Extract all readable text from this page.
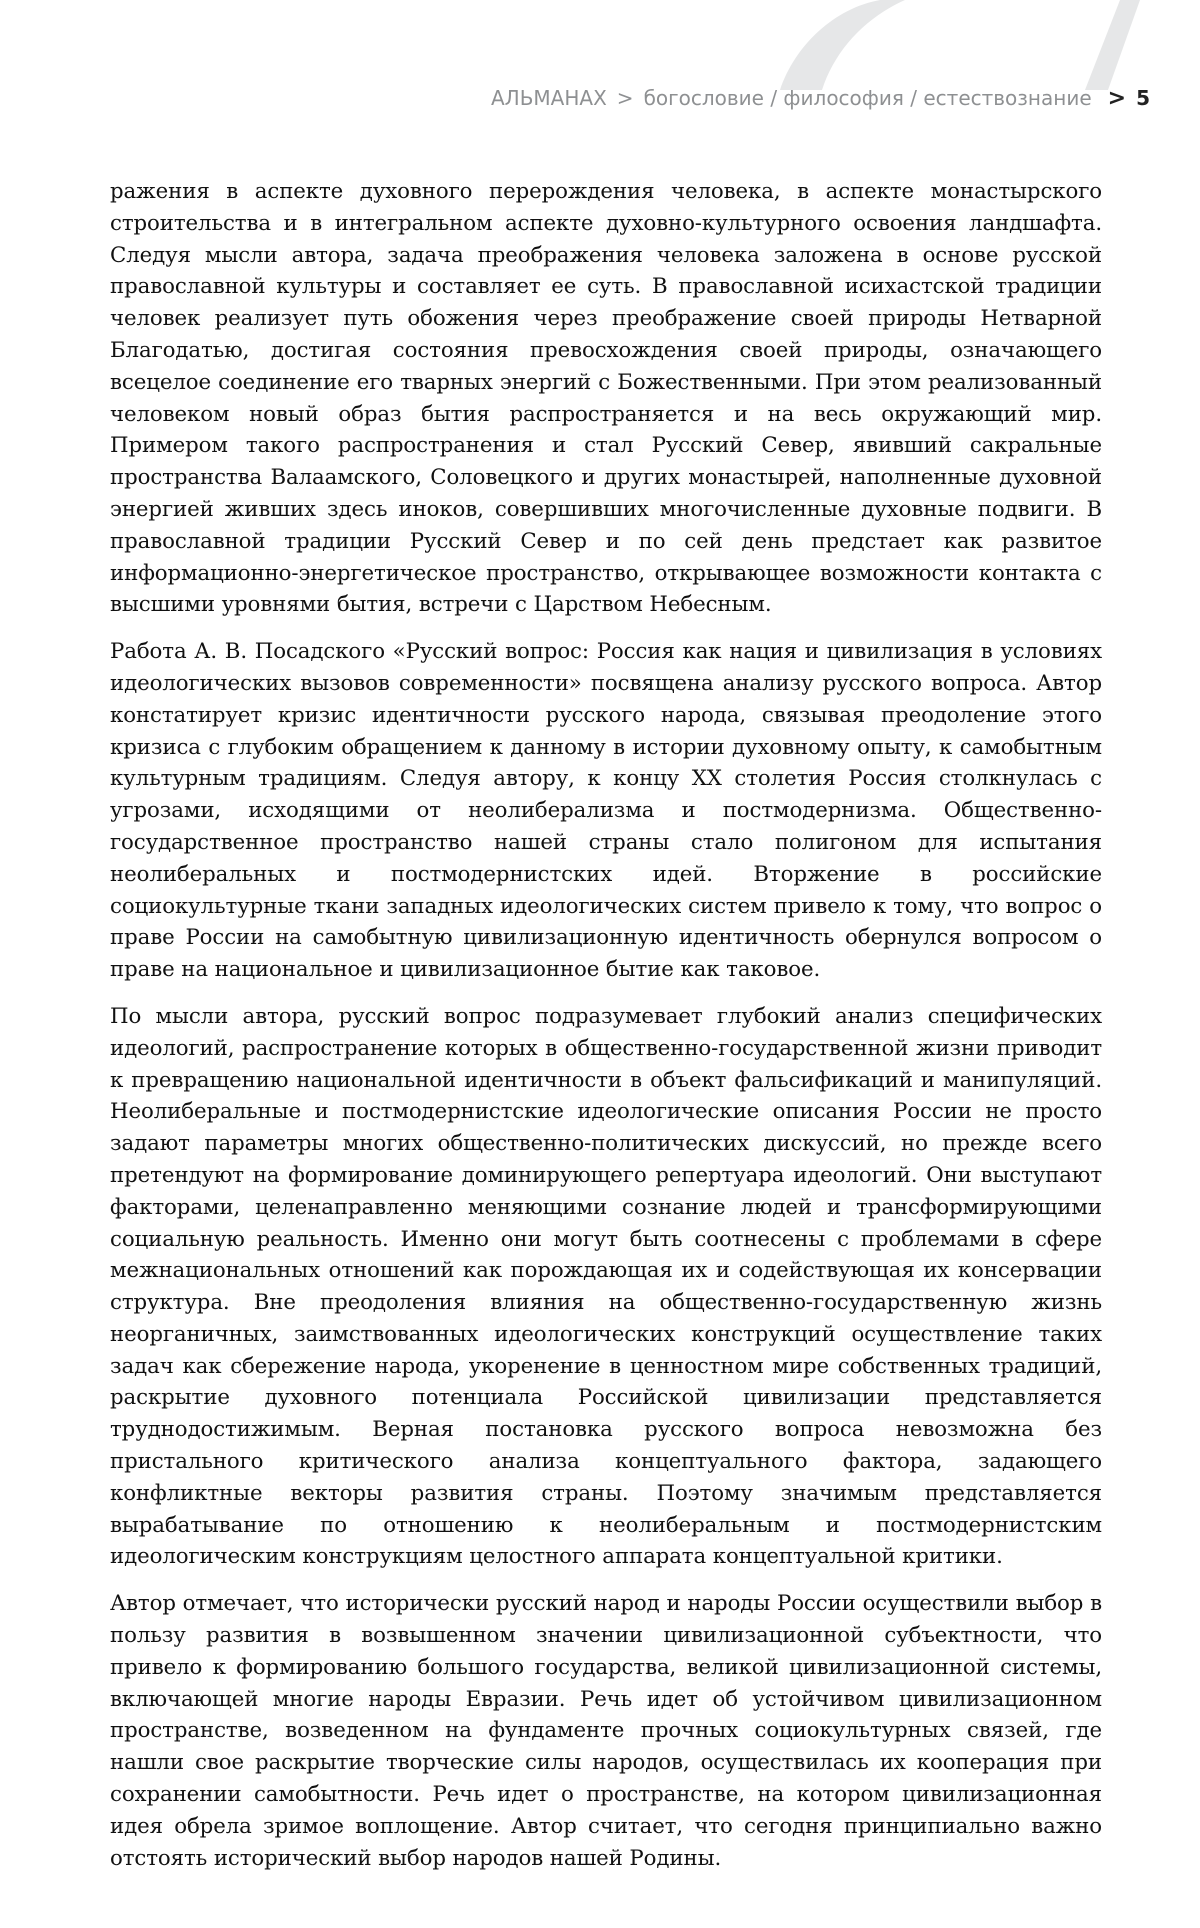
АЛЬМАНАХ > богословие / философия / естествознание > 5

ражения в аспекте духовного перерождения человека, в аспекте монастырского строительства и в интегральном аспекте духовно-культурного освоения ландшафта. Следуя мысли автора, задача преображения человека заложена в основе русской православной культуры и составляет ее суть. В православной исихастской традиции человек реализует путь обожения через преображение своей природы Нетварной Благодатью, достигая состояния превосхождения своей природы, означающего всецелое соединение его тварных энергий с Божественными. При этом реализованный человеком новый образ бытия распространяется и на весь окружающий мир. Примером такого распространения и стал Русский Север, явивший сакральные пространства Валаамского, Соловецкого и других монастырей, наполненные духовной энергией живших здесь иноков, совершивших многочисленные духовные подвиги. В православной традиции Русский Север и по сей день предстает как развитое информационно-энергетическое пространство, открывающее возможности контакта с высшими уровнями бытия, встречи с Царством Небесным.

Работа А. В. Посадского «Русский вопрос: Россия как нация и цивилизация в условиях идеологических вызовов современности» посвящена анализу русского вопроса. Автор констатирует кризис идентичности русского народа, связывая преодоление этого кризиса с глубоким обращением к данному в истории духовному опыту, к самобытным культурным традициям. Следуя автору, к концу XX столетия Россия столкнулась с угрозами, исходящими от неолиберализма и постмодернизма. Общественно-государственное пространство нашей страны стало полигоном для испытания неолиберальных и постмодернистских идей. Вторжение в российские социокультурные ткани западных идеологических систем привело к тому, что вопрос о праве России на самобытную цивилизационную идентичность обернулся вопросом о праве на национальное и цивилизационное бытие как таковое.

По мысли автора, русский вопрос подразумевает глубокий анализ специфических идеологий, распространение которых в общественно-государственной жизни приводит к превращению национальной идентичности в объект фальсификаций и манипуляций. Неолиберальные и постмодернистские идеологические описания России не просто задают параметры многих общественно-политических дискуссий, но прежде всего претендуют на формирование доминирующего репертуара идеологий. Они выступают факторами, целенаправленно меняющими сознание людей и трансформирующими социальную реальность. Именно они могут быть соотнесены с проблемами в сфере межнациональных отношений как порождающая их и содействующая их консервации структура. Вне преодоления влияния на общественно-государственную жизнь неорганичных, заимствованных идеологических конструкций осуществление таких задач как сбережение народа, укоренение в ценностном мире собственных традиций, раскрытие духовного потенциала Российской цивилизации представляется труднодостижимым. Верная постановка русского вопроса невозможна без пристального критического анализа концептуального фактора, задающего конфликтные векторы развития страны. Поэтому значимым представляется вырабатывание по отношению к неолиберальным и постмодернистским идеологическим конструкциям целостного аппарата концептуальной критики.

Автор отмечает, что исторически русский народ и народы России осуществили выбор в пользу развития в возвышенном значении цивилизационной субъектности, что привело к формированию большого государства, великой цивилизационной системы, включающей многие народы Евразии. Речь идет об устойчивом цивилизационном пространстве, возведенном на фундаменте прочных социокультурных связей, где нашли свое раскрытие творческие силы народов, осуществилась их кооперация при сохранении самобытности. Речь идет о пространстве, на котором цивилизационная идея обрела зримое воплощение. Автор считает, что сегодня принципиально важно отстоять исторический выбор народов нашей Родины.
